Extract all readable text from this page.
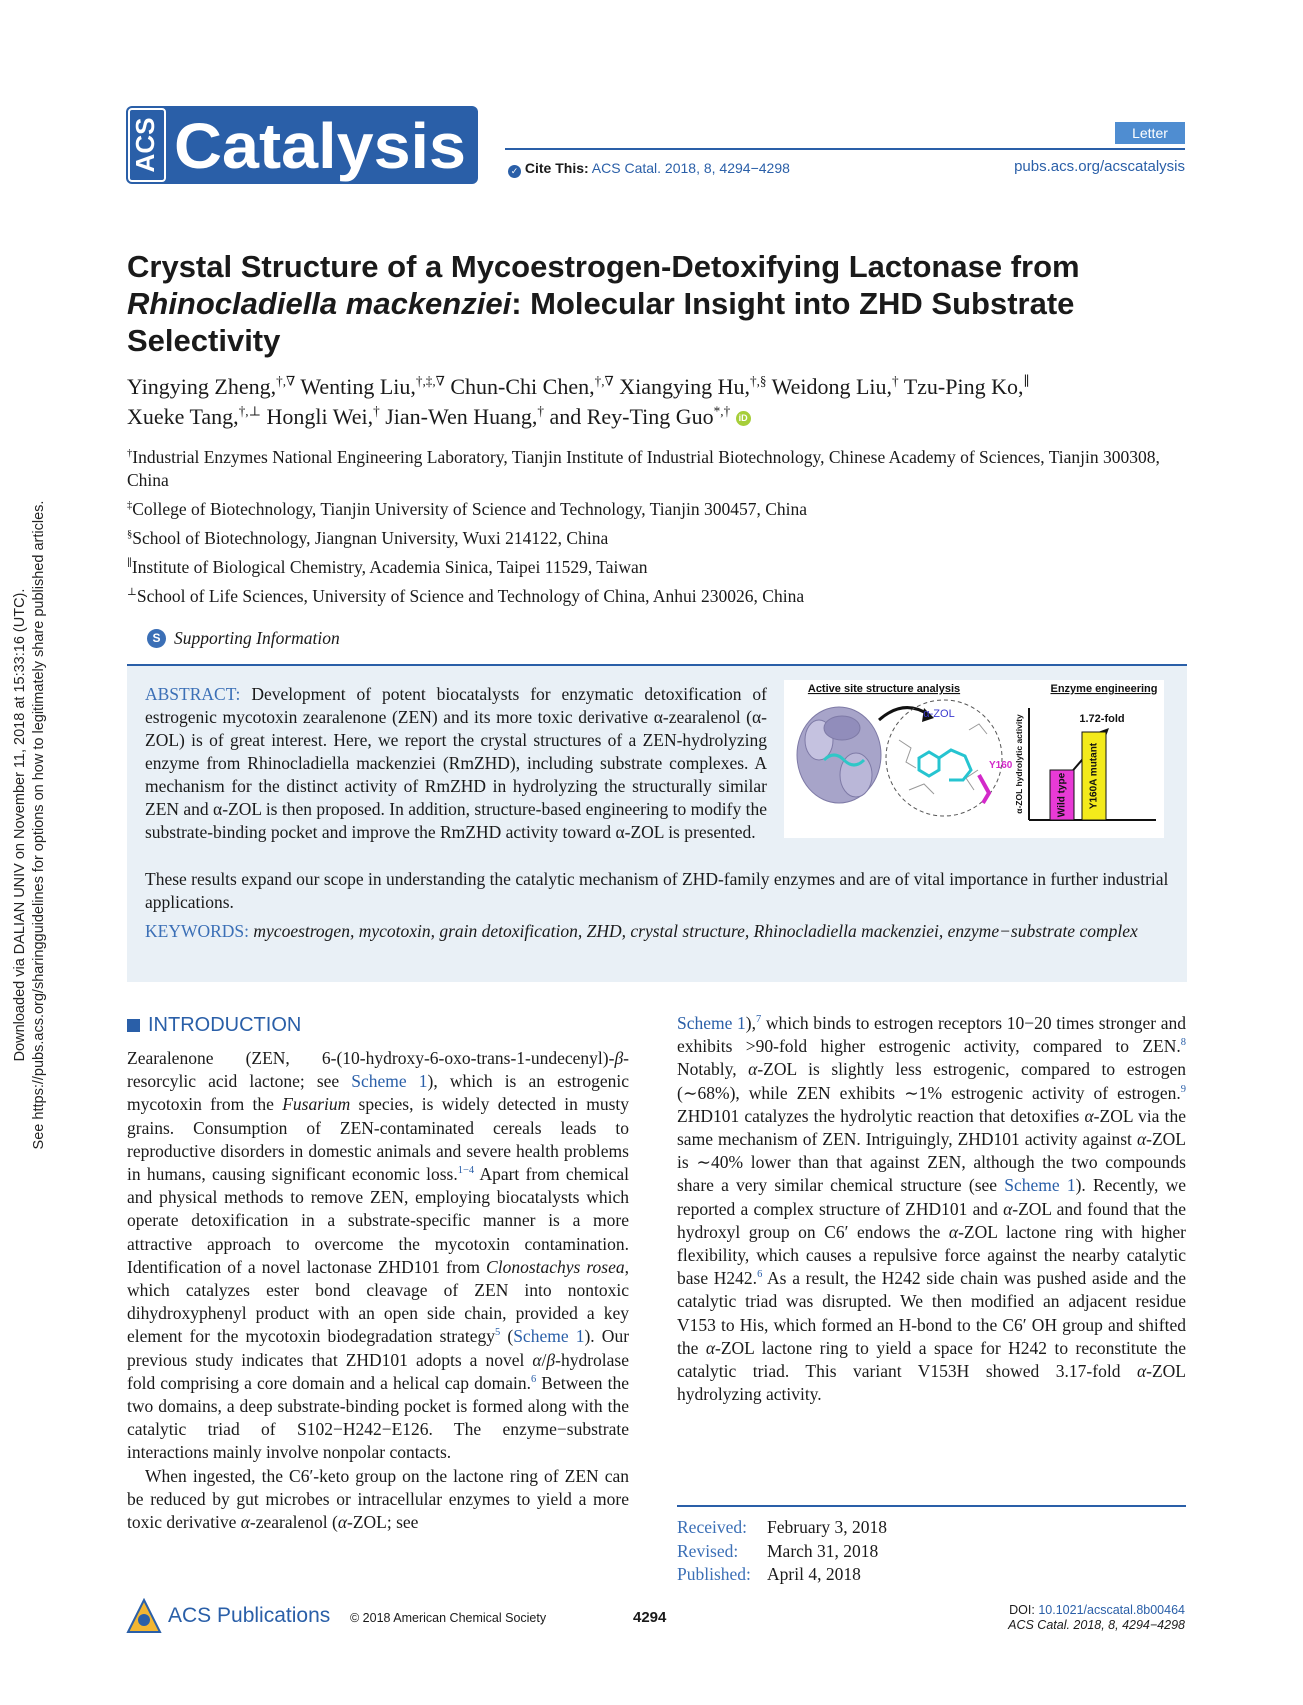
Downloaded via DALIAN UNIV on November 11, 2018 at 15:33:16 (UTC). See https://pubs.acs.org/sharingguidelines for options on how to legitimately share published articles.
ACS Catalysis	Letter
✓ Cite This: ACS Catal. 2018, 8, 4294−4298	pubs.acs.org/acscatalysis
Crystal Structure of a Mycoestrogen-Detoxifying Lactonase from
Rhinocladiella mackenziei: Molecular Insight into ZHD Substrate Selectivity
Yingying Zheng,†,∇ Wenting Liu,†,‡,∇ Chun-Chi Chen,†,∇ Xiangying Hu,†,§ Weidong Liu,† Tzu-Ping Ko,∥
Xueke Tang,†,⊥ Hongli Wei,† Jian-Wen Huang,† and Rey-Ting Guo*,† iD
†Industrial Enzymes National Engineering Laboratory, Tianjin Institute of Industrial Biotechnology, Chinese Academy of Sciences, Tianjin 300308, China
‡College of Biotechnology, Tianjin University of Science and Technology, Tianjin 300457, China
§School of Biotechnology, Jiangnan University, Wuxi 214122, China
∥Institute of Biological Chemistry, Academia Sinica, Taipei 11529, Taiwan
⊥School of Life Sciences, University of Science and Technology of China, Anhui 230026, China
S Supporting Information
ABSTRACT: Development of potent biocatalysts for enzymatic detoxification of estrogenic mycotoxin zearalenone (ZEN) and its more toxic derivative α-zearalenol (α-ZOL) is of great interest. Here, we report the crystal structures of a ZEN-hydrolyzing enzyme from Rhinocladiella mackenziei (RmZHD), including substrate complexes. A mechanism for the distinct activity of RmZHD in hydrolyzing the structurally similar ZEN and α-ZOL is then proposed. In addition, structure-based engineering to modify the substrate-binding pocket and improve the RmZHD activity toward α-ZOL is presented.
These results expand our scope in understanding the catalytic mechanism of ZHD-family enzymes and are of vital importance in further industrial applications.
KEYWORDS: mycoestrogen, mycotoxin, grain detoxification, ZHD, crystal structure, Rhinocladiella mackenziei, enzyme−substrate complex
Active site structure analysis	Enzyme engineering
α-ZOL
Y160 α-ZOL hydrolytic activity	1.72-fold
Wild type Y160A mutant
INTRODUCTION

Zearalenone (ZEN, 6-(10-hydroxy-6-oxo-trans-1-undecenyl)-β-resorcylic acid lactone; see Scheme 1), which is an estrogenic mycotoxin from the Fusarium species, is widely detected in musty grains. Consumption of ZEN-contaminated cereals leads to reproductive disorders in domestic animals and severe health problems in humans, causing significant economic loss.$^{1-4}$ Apart from chemical and physical methods to remove ZEN, employing biocatalysts which operate detoxification in a substrate-specific manner is a more attractive approach to overcome the mycotoxin contamination. Identification of a novel lactonase ZHD101 from Clonostachys rosea, which catalyzes ester bond cleavage of ZEN into nontoxic dihydroxyphenyl product with an open side chain, provided a key element for the mycotoxin biodegradation strategy$^5$ (Scheme 1). Our previous study indicates that ZHD101 adopts a novel α/β-hydrolase fold comprising a core domain and a helical cap domain.$^6$ Between the two domains, a deep substrate-binding pocket is formed along with the catalytic triad of S102−H242−E126. The enzyme−substrate interactions mainly involve nonpolar contacts.

When ingested, the C6′-keto group on the lactone ring of ZEN can be reduced by gut microbes or intracellular enzymes to yield a more toxic derivative α-zearalenol (α-ZOL; see

Scheme 1),$^7$ which binds to estrogen receptors 10−20 times stronger and exhibits >90-fold higher estrogenic activity, compared to ZEN.$^8$ Notably, α-ZOL is slightly less estrogenic, compared to estrogen (∼68%), while ZEN exhibits ∼1% estrogenic activity of estrogen.$^9$ ZHD101 catalyzes the hydrolytic reaction that detoxifies α-ZOL via the same mechanism of ZEN. Intriguingly, ZHD101 activity against α-ZOL is ∼40% lower than that against ZEN, although the two compounds share a very similar chemical structure (see Scheme 1). Recently, we reported a complex structure of ZHD101 and α-ZOL and found that the hydroxyl group on C6′ endows the α-ZOL lactone ring with higher flexibility, which causes a repulsive force against the nearby catalytic base H242.$^6$ As a result, the H242 side chain was pushed aside and the catalytic triad was disrupted. We then modified an adjacent residue V153 to His, which formed an H-bond to the C6′ OH group and shifted the α-ZOL lactone ring to yield a space for H242 to reconstitute the catalytic triad. This variant V153H showed 3.17-fold α-ZOL hydrolyzing activity.

Received: February 3, 2018
Revised: March 31, 2018
Published: April 4, 2018
ACS Publications © 2018 American Chemical Society	4294	DOI: 10.1021/acscatal.8b00464
ACS Catal. 2018, 8, 4294−4298
